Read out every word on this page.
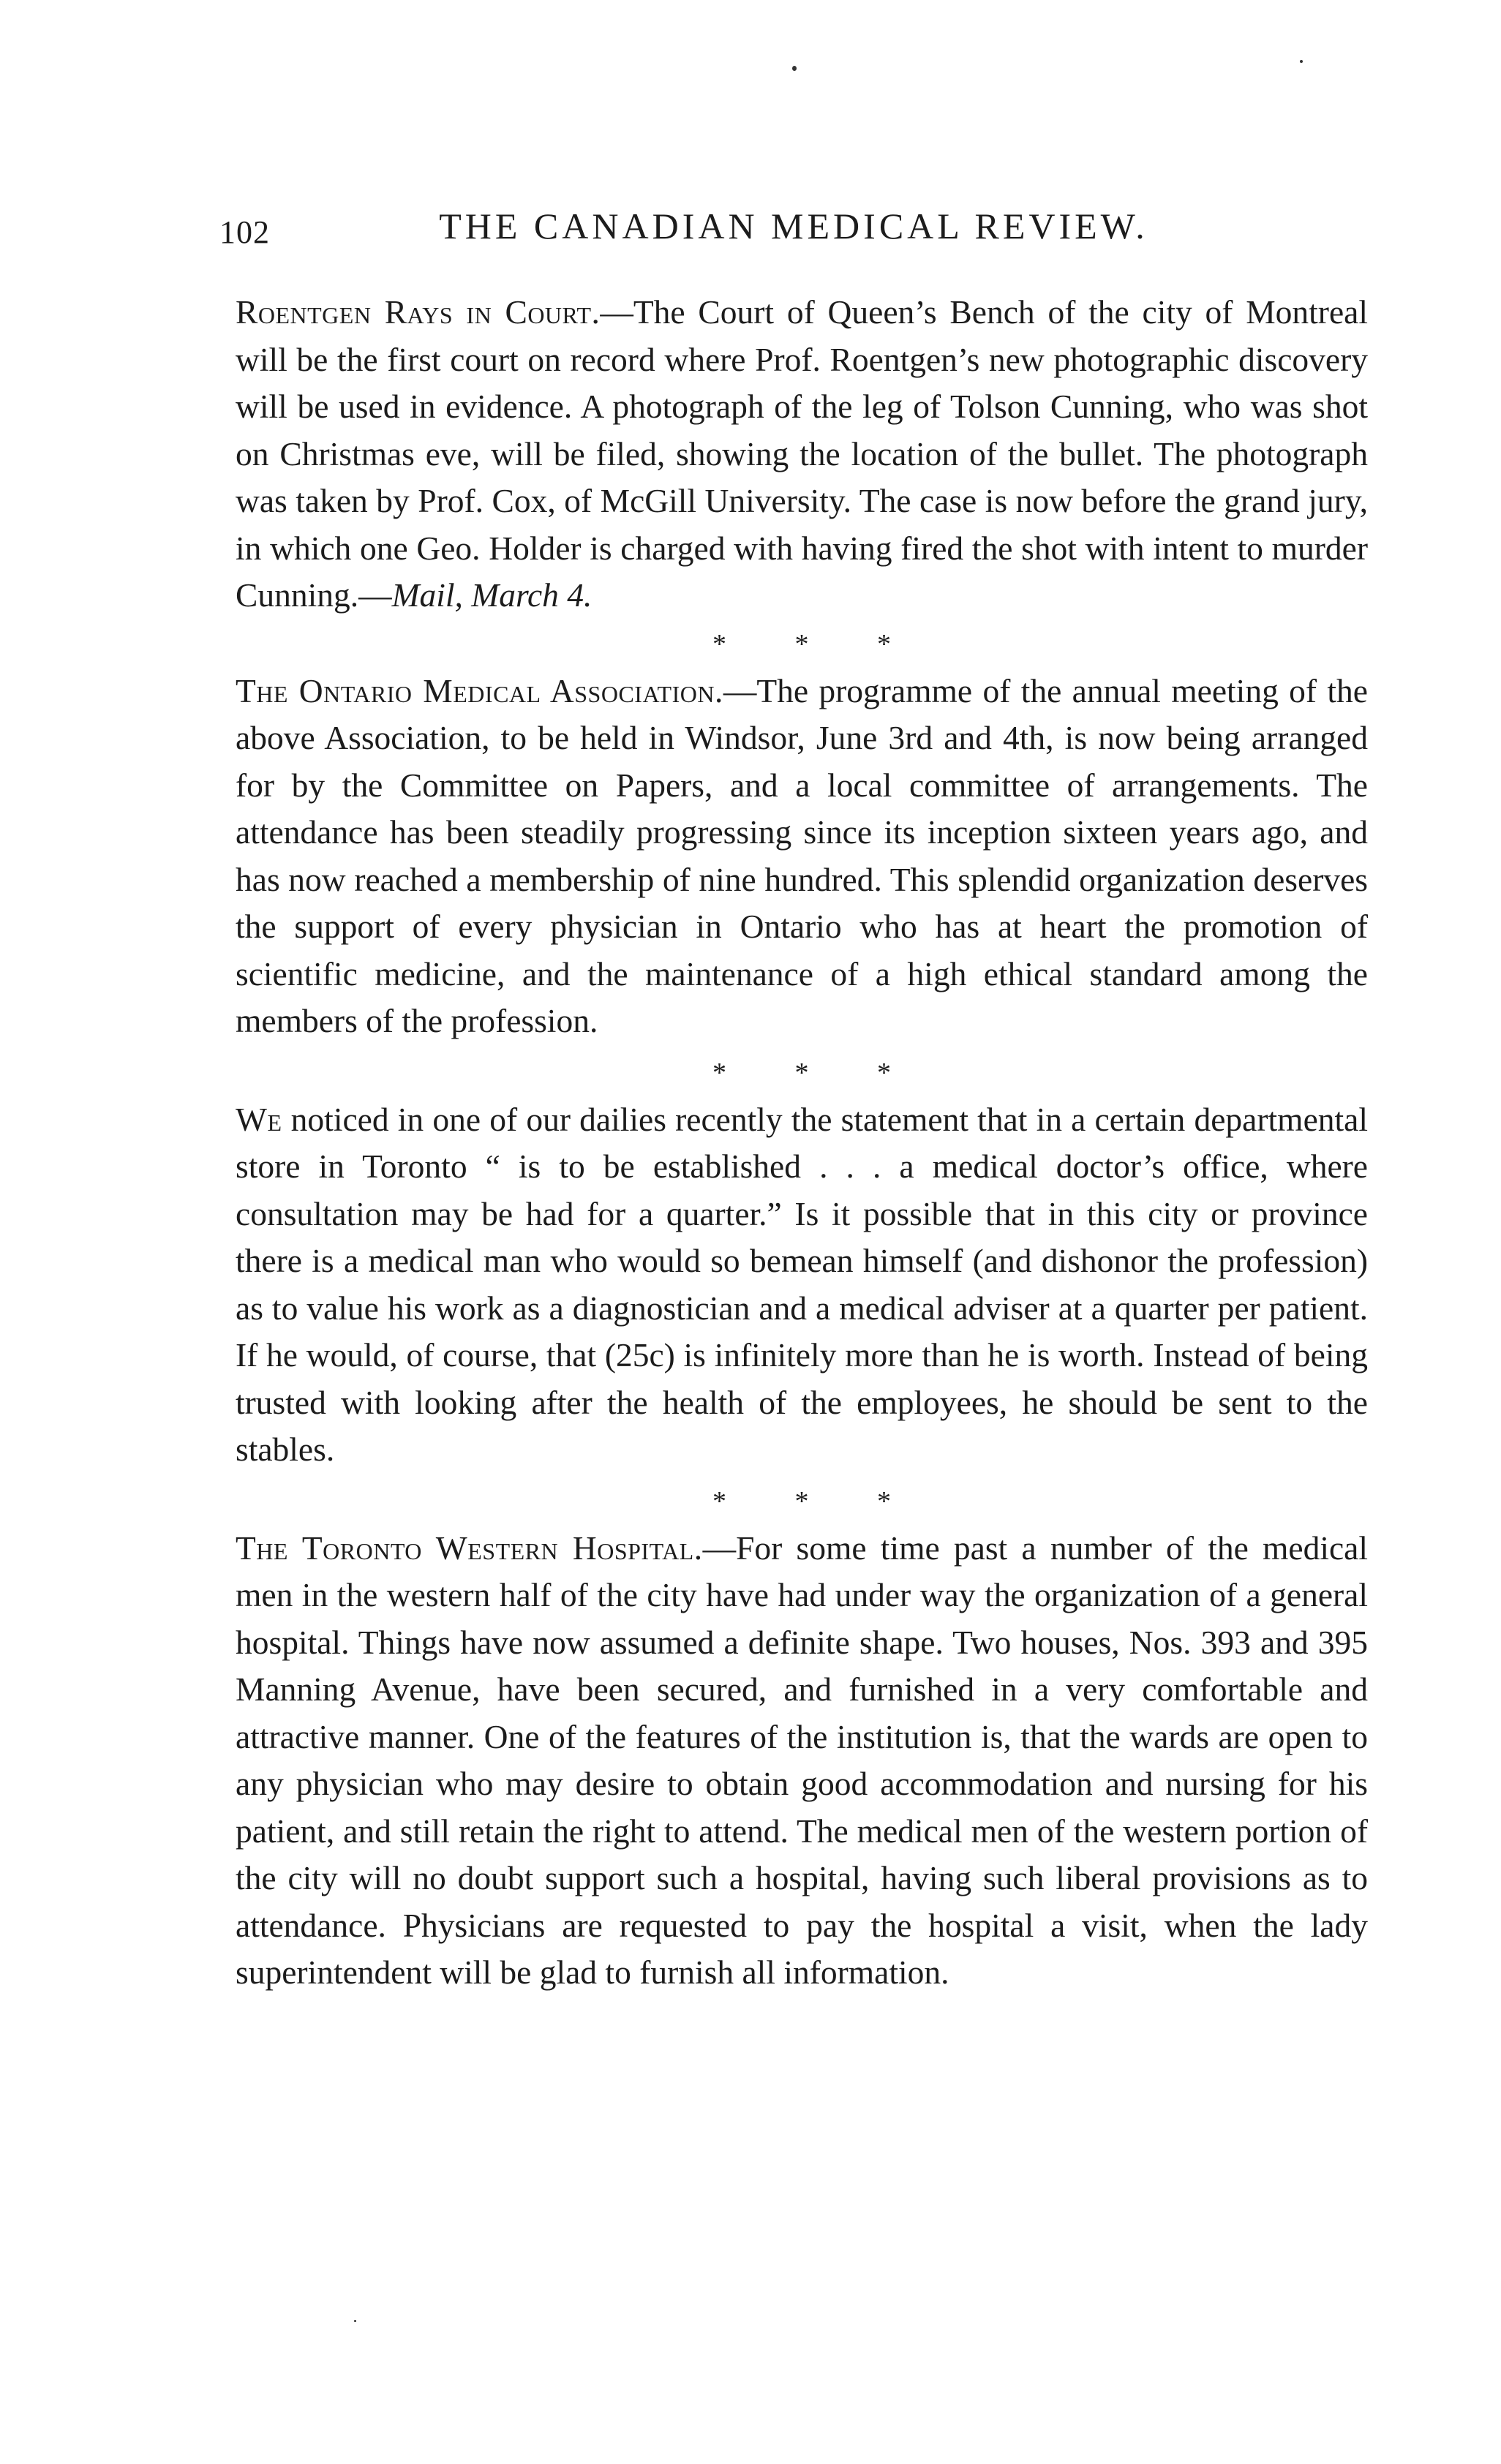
102	THE CANADIAN MEDICAL REVIEW.

Roentgen Rays in Court.—The Court of Queen’s Bench of the city of Montreal will be the first court on record where Prof. Roentgen’s new photographic discovery will be used in evidence. A photograph of the leg of Tolson Cunning, who was shot on Christmas eve, will be filed, showing the location of the bullet. The photograph was taken by Prof. Cox, of McGill University. The case is now before the grand jury, in which one Geo. Holder is charged with having fired the shot with intent to murder Cunning.—Mail, March 4.

* * *

The Ontario Medical Association.—The programme of the annual meeting of the above Association, to be held in Windsor, June 3rd and 4th, is now being arranged for by the Committee on Papers, and a local committee of arrangements. The attendance has been steadily progressing since its inception sixteen years ago, and has now reached a membership of nine hundred. This splendid organization deserves the support of every physician in Ontario who has at heart the promotion of scientific medicine, and the maintenance of a high ethical standard among the members of the profession.

* * *

We noticed in one of our dailies recently the statement that in a certain departmental store in Toronto “ is to be established . . . a medical doctor’s office, where consultation may be had for a quarter.” Is it possible that in this city or province there is a medical man who would so bemean himself (and dishonor the profession) as to value his work as a diagnostician and a medical adviser at a quarter per patient. If he would, of course, that (25c) is infinitely more than he is worth. Instead of being trusted with looking after the health of the employees, he should be sent to the stables.

* * *

The Toronto Western Hospital.—For some time past a number of the medical men in the western half of the city have had under way the organization of a general hospital. Things have now assumed a definite shape. Two houses, Nos. 393 and 395 Manning Avenue, have been secured, and furnished in a very comfortable and attractive manner. One of the features of the institution is, that the wards are open to any physician who may desire to obtain good accommodation and nursing for his patient, and still retain the right to attend. The medical men of the western portion of the city will no doubt support such a hospital, having such liberal provisions as to attendance. Physicians are requested to pay the hospital a visit, when the lady superintendent will be glad to furnish all information.
